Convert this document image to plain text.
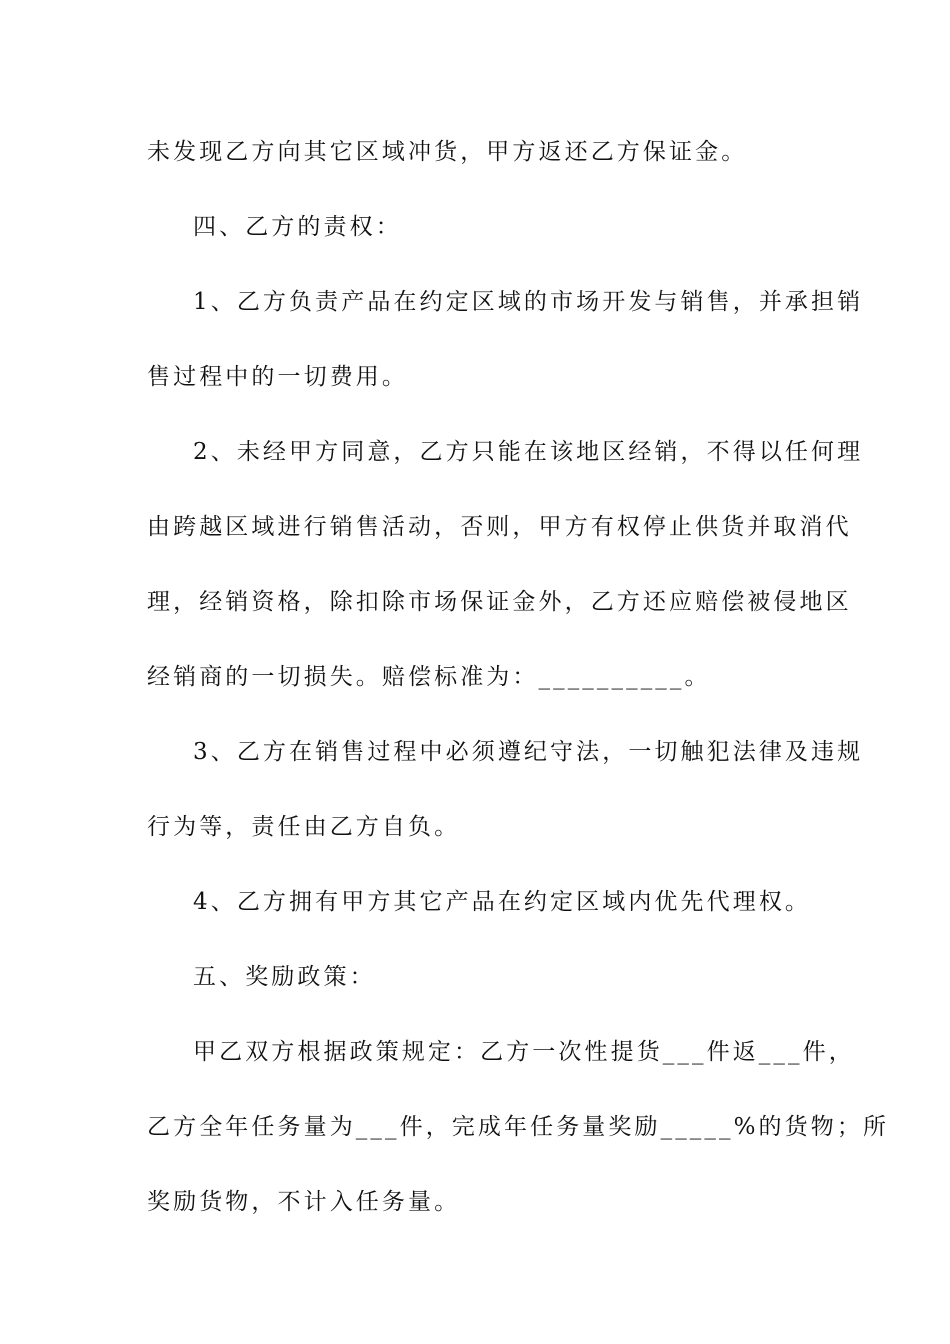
未发现乙方向其它区域冲货，甲方返还乙方保证金。
四、乙方的责权：
1、乙方负责产品在约定区域的市场开发与销售，并承担销
售过程中的一切费用。
2、未经甲方同意，乙方只能在该地区经销，不得以任何理
由跨越区域进行销售活动，否则，甲方有权停止供货并取消代
理，经销资格，除扣除市场保证金外，乙方还应赔偿被侵地区
经销商的一切损失。赔偿标准为：__________。
3、乙方在销售过程中必须遵纪守法，一切触犯法律及违规
行为等，责任由乙方自负。
4、乙方拥有甲方其它产品在约定区域内优先代理权。
五、奖励政策：
甲乙双方根据政策规定：乙方一次性提货___件返___件，
乙方全年任务量为___件，完成年任务量奖励_____%的货物；所
奖励货物，不计入任务量。
